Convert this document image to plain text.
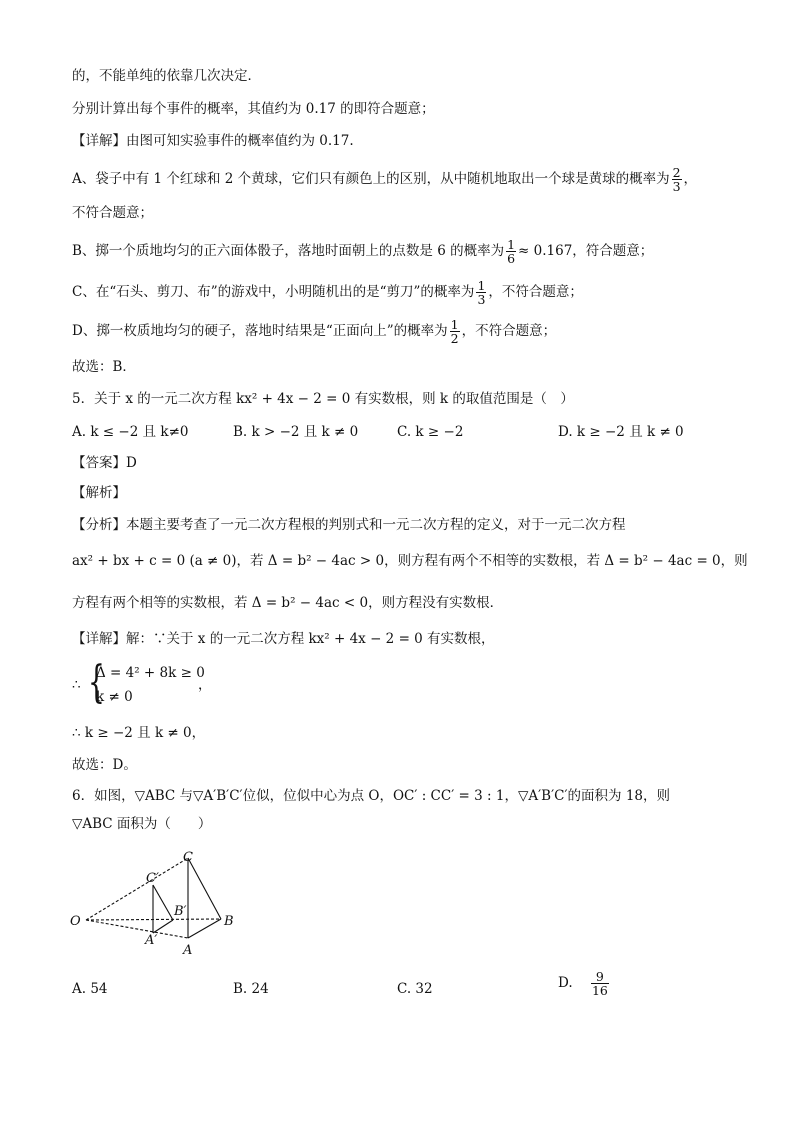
的，不能单纯的依靠几次决定．
分别计算出每个事件的概率，其值约为 0.17 的即符合题意；
【详解】由图可知实验事件的概率值约为 0.17.
A、袋子中有 1 个红球和 2 个黄球，它们只有颜色上的区别，从中随机地取出一个球是黄球的概率为 $\frac{2}{3}$ ，
不符合题意；
B、掷一个质地均匀的正六面体骰子，落地时面朝上的点数是 6 的概率为 $\frac{1}{6} \approx 0.167$，符合题意；
C、在“石头、剪刀、布”的游戏中，小明随机出的是“剪刀”的概率为 $\frac{1}{3}$ ，不符合题意；
D、掷一枚质地均匀的硬子，落地时结果是“正面向上”的概率为 $\frac{1}{2}$ ，不符合题意；
故选：B．
5．关于 x 的一元二次方程 kx² + 4x − 2 = 0 有实数根，则 k 的取值范围是（　）
A. k ≤ −2 且 k≠0	B. k > −2 且 k ≠ 0	C. k ≥ −2	D. k ≥ −2 且 k ≠ 0
【答案】D
【解析】
【分析】本题主要考查了一元二次方程根的判别式和一元二次方程的定义，对于一元二次方程
ax² + bx + c = 0 (a ≠ 0)，若 Δ = b² − 4ac > 0，则方程有两个不相等的实数根，若 Δ = b² − 4ac = 0，则
方程有两个相等的实数根，若 Δ = b² − 4ac < 0，则方程没有实数根．
【详解】解：∵关于 x 的一元二次方程 kx² + 4x − 2 = 0 有实数根，
∴ {
Δ = 4² + 8k ≥ 0
k ≠ 0
，
∴ k ≥ −2 且 k ≠ 0，
故选：D。
6．如图，▽ABC 与▽A′B′C′位似，位似中心为点 O，OC′ : CC′ = 3 : 1，▽A′B′C′的面积为 18，则
▽ABC 面积为（　　）
O
A
B
C
A′
B′
C′
A. 54	B. 24	C. 32	D. $\frac{9}{16}$
